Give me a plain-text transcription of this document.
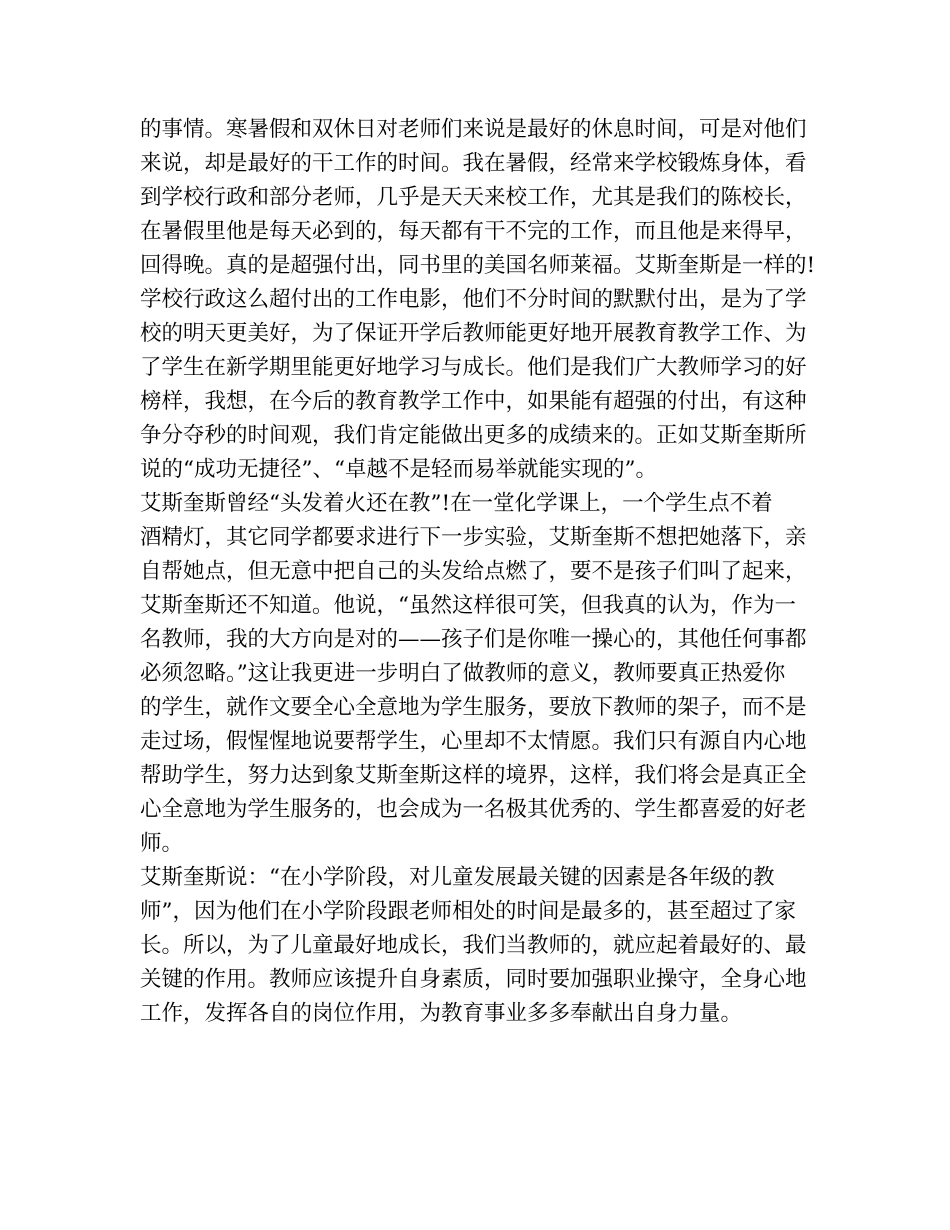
的事情。寒暑假和双休日对老师们来说是最好的休息时间，可是对他们
来说，却是最好的干工作的时间。我在暑假，经常来学校锻炼身体，看
到学校行政和部分老师，几乎是天天来校工作，尤其是我们的陈校长，
在暑假里他是每天必到的，每天都有干不完的工作，而且他是来得早，
回得晚。真的是超强付出，同书里的美国名师莱福。艾斯奎斯是一样的!
学校行政这么超付出的工作电影，他们不分时间的默默付出，是为了学
校的明天更美好，为了保证开学后教师能更好地开展教育教学工作、为
了学生在新学期里能更好地学习与成长。他们是我们广大教师学习的好
榜样，我想，在今后的教育教学工作中，如果能有超强的付出，有这种
争分夺秒的时间观，我们肯定能做出更多的成绩来的。正如艾斯奎斯所
说的“成功无捷径”、“卓越不是轻而易举就能实现的”。
艾斯奎斯曾经“头发着火还在教”!在一堂化学课上，一个学生点不着
酒精灯，其它同学都要求进行下一步实验，艾斯奎斯不想把她落下，亲
自帮她点，但无意中把自己的头发给点燃了，要不是孩子们叫了起来，
艾斯奎斯还不知道。他说，“虽然这样很可笑，但我真的认为，作为一
名教师，我的大方向是对的——孩子们是你唯一操心的，其他任何事都
必须忽略。”这让我更进一步明白了做教师的意义，教师要真正热爱你
的学生，就作文要全心全意地为学生服务，要放下教师的架子，而不是
走过场，假惺惺地说要帮学生，心里却不太情愿。我们只有源自内心地
帮助学生，努力达到象艾斯奎斯这样的境界，这样，我们将会是真正全
心全意地为学生服务的，也会成为一名极其优秀的、学生都喜爱的好老
师。
艾斯奎斯说：“在小学阶段，对儿童发展最关键的因素是各年级的教
师”，因为他们在小学阶段跟老师相处的时间是最多的，甚至超过了家
长。所以，为了儿童最好地成长，我们当教师的，就应起着最好的、最
关键的作用。教师应该提升自身素质，同时要加强职业操守，全身心地
工作，发挥各自的岗位作用，为教育事业多多奉献出自身力量。
